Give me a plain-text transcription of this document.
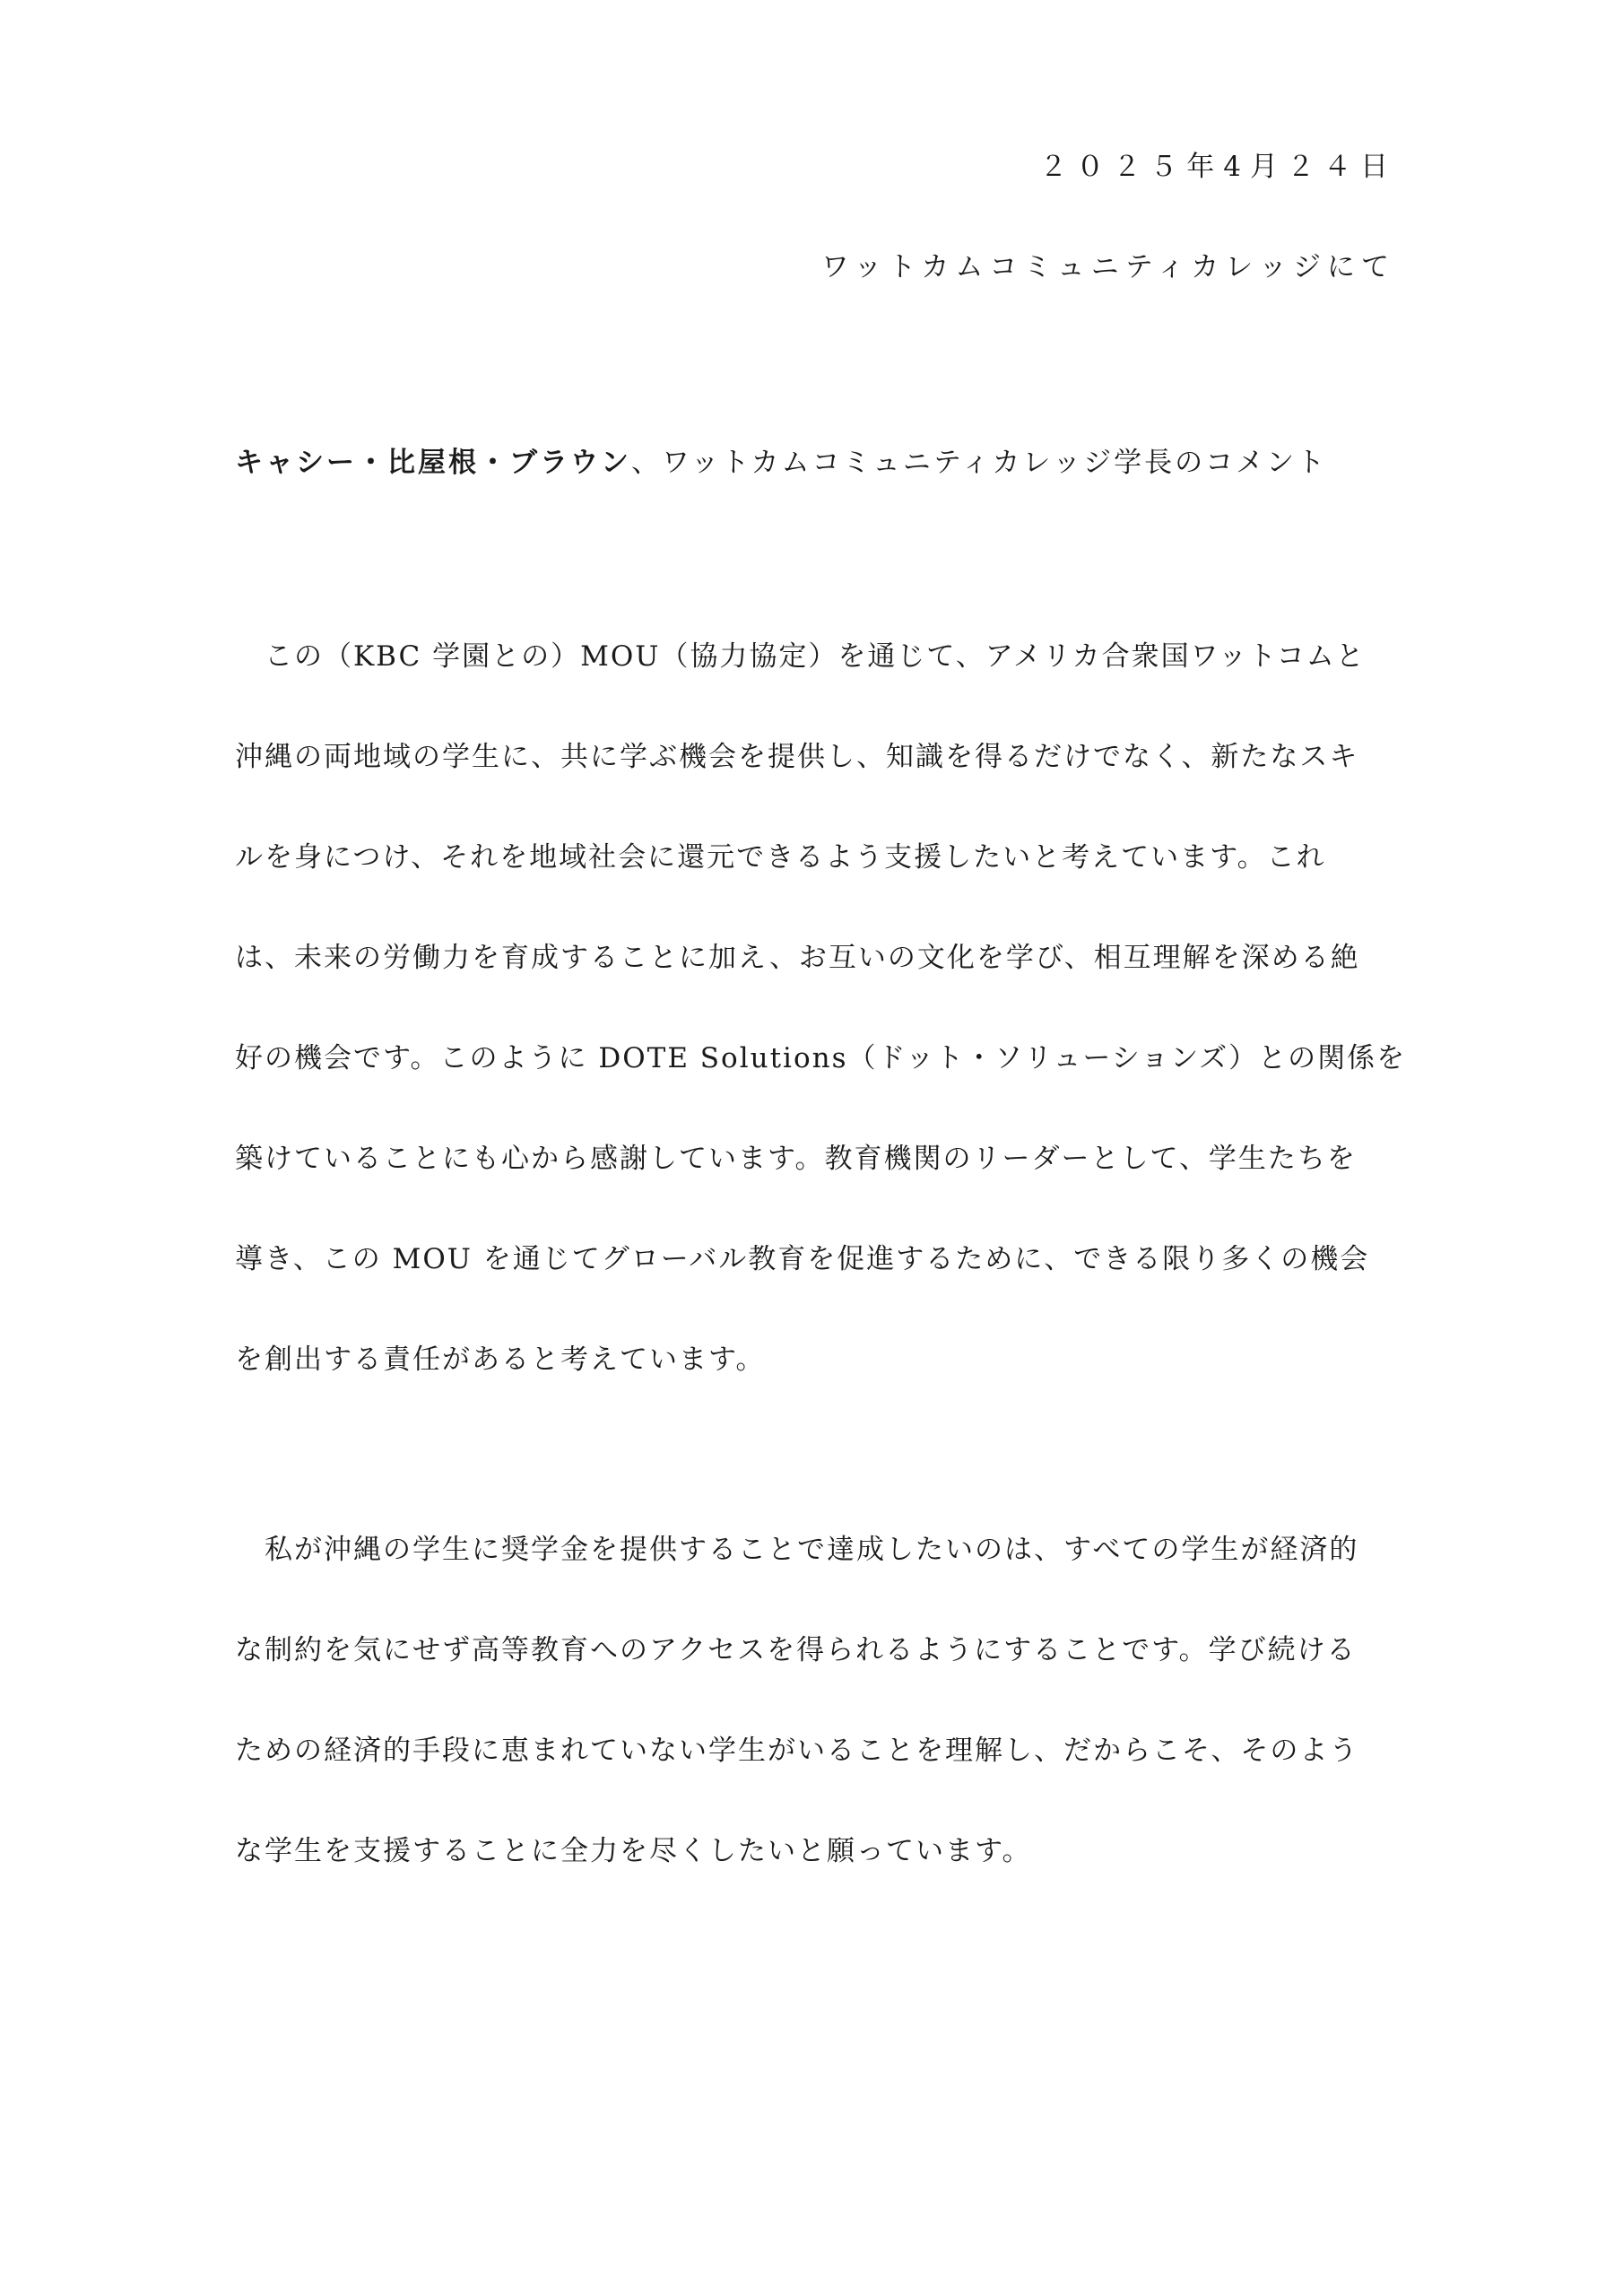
２０２５年4月２４日
ワットカムコミュニティカレッジにて
キャシー・比屋根・ブラウン、ワットカムコミュニティカレッジ学長のコメント
　この（KBC 学園との）MOU（協力協定）を通じて、アメリカ合衆国ワットコムと
沖縄の両地域の学生に、共に学ぶ機会を提供し、知識を得るだけでなく、新たなスキ
ルを身につけ、それを地域社会に還元できるよう支援したいと考えています。これ
は、未来の労働力を育成することに加え、お互いの文化を学び、相互理解を深める絶
好の機会です。このように DOTE Solutions（ドット・ソリューションズ）との関係を
築けていることにも心から感謝しています。教育機関のリーダーとして、学生たちを
導き、この MOU を通じてグローバル教育を促進するために、できる限り多くの機会
を創出する責任があると考えています。
　私が沖縄の学生に奨学金を提供することで達成したいのは、すべての学生が経済的
な制約を気にせず高等教育へのアクセスを得られるようにすることです。学び続ける
ための経済的手段に恵まれていない学生がいることを理解し、だからこそ、そのよう
な学生を支援することに全力を尽くしたいと願っています。
